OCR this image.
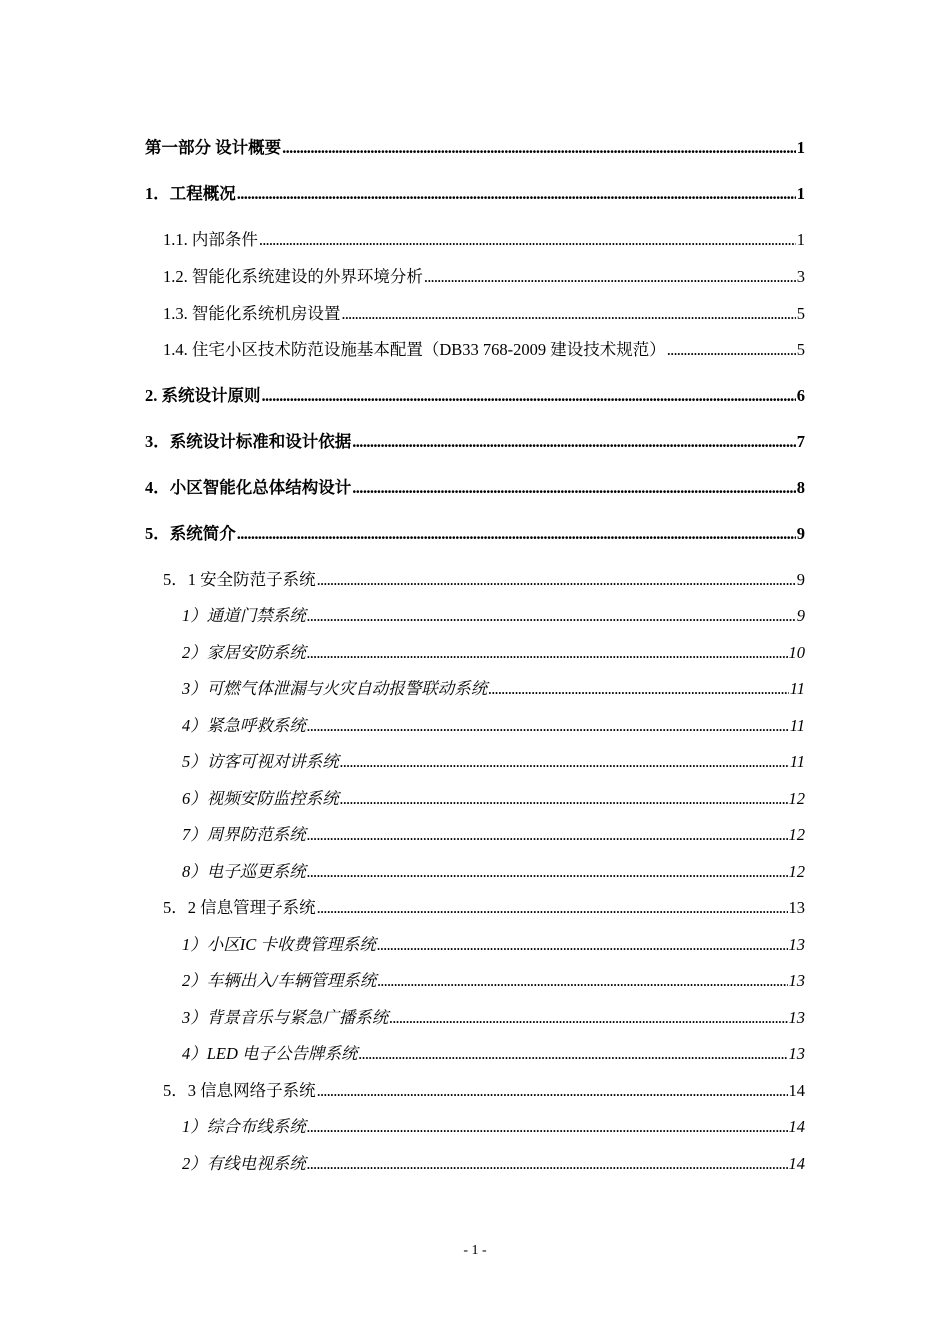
第一部分 设计概要 .....	1
1．工程概况 .....	1
1.1. 内部条件 .....	1
1.2. 智能化系统建设的外界环境分析 .....	3
1.3. 智能化系统机房设置 .....	5
1.4. 住宅小区技术防范设施基本配置（DB33 768-2009 建设技术规范） .....	5
2. 系统设计原则 .....	6
3．系统设计标准和设计依据 .....	7
4．小区智能化总体结构设计 .....	8
5．系统简介 .....	9
5．1 安全防范子系统 .....	9
1）通道门禁系统 .....	9
2）家居安防系统 .....	10
3）可燃气体泄漏与火灾自动报警联动系统 .....	11
4）紧急呼救系统 .....	11
5）访客可视对讲系统 .....	11
6）视频安防监控系统 .....	12
7）周界防范系统 .....	12
8）电子巡更系统 .....	12
5．2 信息管理子系统 .....	13
1）小区IC 卡收费管理系统 .....	13
2）车辆出入/车辆管理系统 .....	13
3）背景音乐与紧急广播系统 .....	13
4）LED 电子公告牌系统 .....	13
5．3 信息网络子系统 .....	14
1）综合布线系统 .....	14
2）有线电视系统 .....	14
- 1 -
